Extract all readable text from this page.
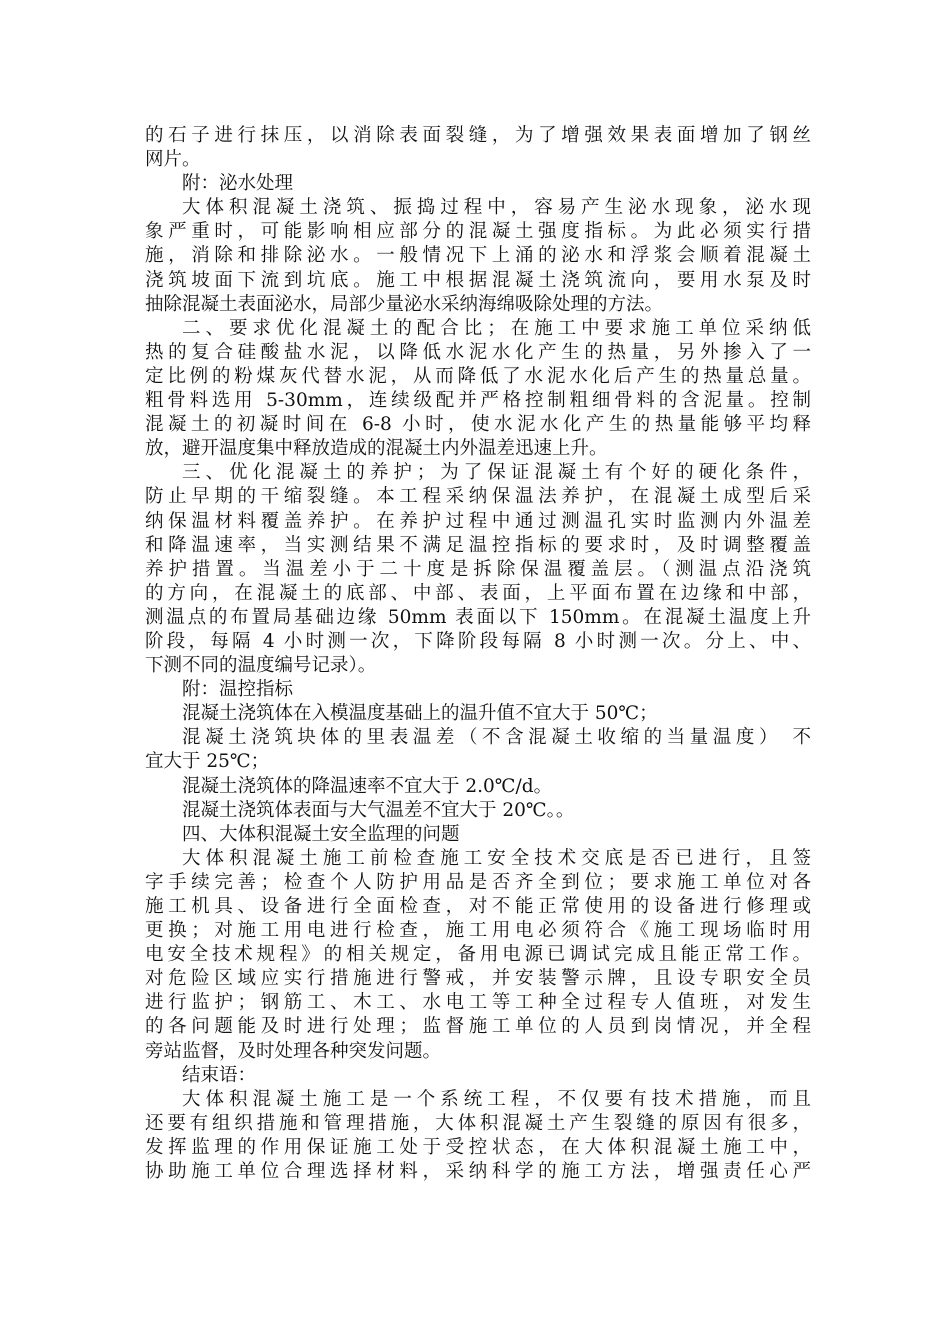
的石子进行抹压，以消除表面裂缝，为了增强效果表面增加了钢丝
网片。
附：泌水处理
大体积混凝土浇筑、振捣过程中，容易产生泌水现象，泌水现
象严重时，可能影响相应部分的混凝土强度指标。为此必须实行措
施，消除和排除泌水。一般情况下上涌的泌水和浮浆会顺着混凝土
浇筑坡面下流到坑底。施工中根据混凝土浇筑流向，要用水泵及时
抽除混凝土表面泌水，局部少量泌水采纳海绵吸除处理的方法。
二、要求优化混凝土的配合比；在施工中要求施工单位采纳低
热的复合硅酸盐水泥，以降低水泥水化产生的热量，另外掺入了一
定比例的粉煤灰代替水泥，从而降低了水泥水化后产生的热量总量。
粗骨料选用 5-30mm，连续级配并严格控制粗细骨料的含泥量。控制
混凝土的初凝时间在 6-8 小时，使水泥水化产生的热量能够平均释
放，避开温度集中释放造成的混凝土内外温差迅速上升。
三、优化混凝土的养护；为了保证混凝土有个好的硬化条件，
防止早期的干缩裂缝。本工程采纳保温法养护，在混凝土成型后采
纳保温材料覆盖养护。在养护过程中通过测温孔实时监测内外温差
和降温速率，当实测结果不满足温控指标的要求时，及时调整覆盖
养护措置。当温差小于二十度是拆除保温覆盖层。（测温点沿浇筑
的方向，在混凝土的底部、中部、表面，上平面布置在边缘和中部，
测温点的布置局基础边缘 50mm 表面以下 150mm。在混凝土温度上升
阶段，每隔 4 小时测一次，下降阶段每隔 8 小时测一次。分上、中、
下测不同的温度编号记录）。
附：温控指标
混凝土浇筑体在入模温度基础上的温升值不宜大于 50℃；
混凝土浇筑块体的里表温差（不含混凝土收缩的当量温度） 不
宜大于 25℃；
混凝土浇筑体的降温速率不宜大于 2.0℃/d。
混凝土浇筑体表面与大气温差不宜大于 20℃。。
四、大体积混凝土安全监理的问题
大体积混凝土施工前检查施工安全技术交底是否已进行，且签
字手续完善；检查个人防护用品是否齐全到位；要求施工单位对各
施工机具、设备进行全面检查，对不能正常使用的设备进行修理或
更换；对施工用电进行检查，施工用电必须符合《施工现场临时用
电安全技术规程》的相关规定，备用电源已调试完成且能正常工作。
对危险区域应实行措施进行警戒，并安装警示牌，且设专职安全员
进行监护；钢筋工、木工、水电工等工种全过程专人值班，对发生
的各问题能及时进行处理；监督施工单位的人员到岗情况，并全程
旁站监督，及时处理各种突发问题。
结束语：
大体积混凝土施工是一个系统工程，不仅要有技术措施，而且
还要有组织措施和管理措施，大体积混凝土产生裂缝的原因有很多，
发挥监理的作用保证施工处于受控状态，在大体积混凝土施工中，
协助施工单位合理选择材料，采纳科学的施工方法，增强责任心严
